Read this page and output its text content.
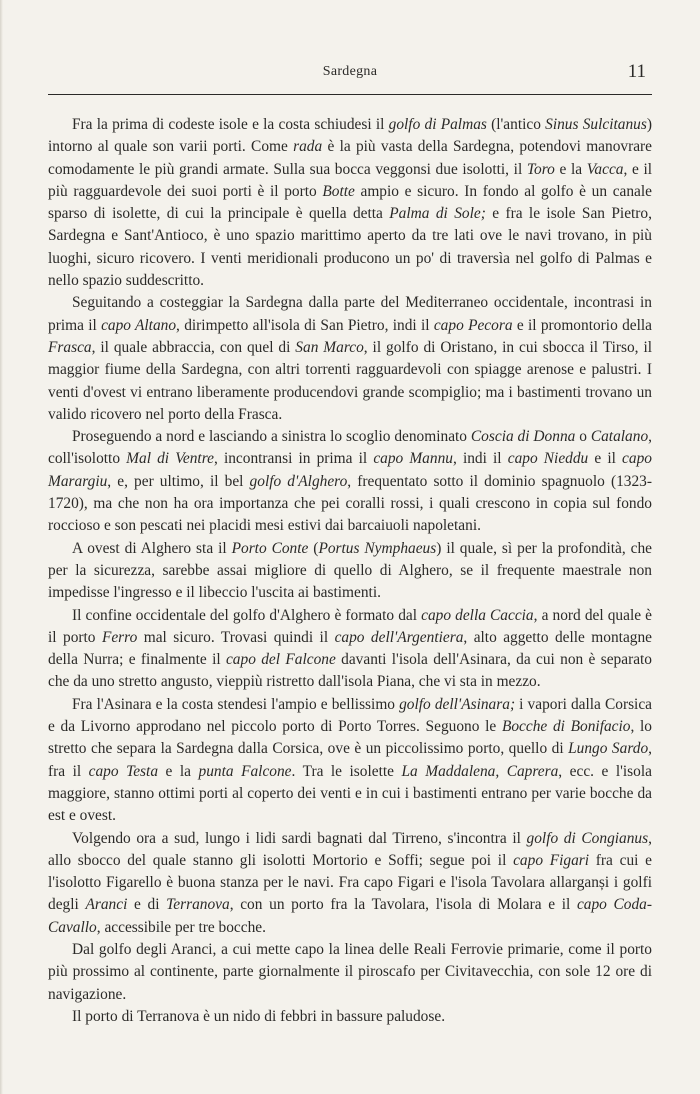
Sardegna	11

Fra la prima di codeste isole e la costa schiudesi il golfo di Palmas (l'antico Sinus Sulcitanus) intorno al quale son varii porti. Come rada è la più vasta della Sardegna, potendovi manovrare comodamente le più grandi armate. Sulla sua bocca veggonsi due isolotti, il Toro e la Vacca, e il più ragguardevole dei suoi porti è il porto Botte ampio e sicuro. In fondo al golfo è un canale sparso di isolette, di cui la principale è quella detta Palma di Sole; e fra le isole San Pietro, Sardegna e Sant'Antioco, è uno spazio marittimo aperto da tre lati ove le navi trovano, in più luoghi, sicuro ricovero. I venti meridionali producono un po' di traversìa nel golfo di Palmas e nello spazio suddescritto.

Seguitando a costeggiar la Sardegna dalla parte del Mediterraneo occidentale, incontrasi in prima il capo Altano, dirimpetto all'isola di San Pietro, indi il capo Pecora e il promontorio della Frasca, il quale abbraccia, con quel di San Marco, il golfo di Oristano, in cui sbocca il Tirso, il maggior fiume della Sardegna, con altri torrenti ragguardevoli con spiagge arenose e palustri. I venti d'ovest vi entrano liberamente producendovi grande scompiglio; ma i bastimenti trovano un valido ricovero nel porto della Frasca.

Proseguendo a nord e lasciando a sinistra lo scoglio denominato Coscia di Donna o Catalano, coll'isolotto Mal di Ventre, incontransi in prima il capo Mannu, indi il capo Nieddu e il capo Marargiu, e, per ultimo, il bel golfo d'Alghero, frequentato sotto il dominio spagnuolo (1323-1720), ma che non ha ora importanza che pei coralli rossi, i quali crescono in copia sul fondo roccioso e son pescati nei placidi mesi estivi dai barcaiuoli napoletani.

A ovest di Alghero sta il Porto Conte (Portus Nymphaeus) il quale, sì per la profondità, che per la sicurezza, sarebbe assai migliore di quello di Alghero, se il frequente maestrale non impedisse l'ingresso e il libeccio l'uscita ai bastimenti.

Il confine occidentale del golfo d'Alghero è formato dal capo della Caccia, a nord del quale è il porto Ferro mal sicuro. Trovasi quindi il capo dell'Argentiera, alto aggetto delle montagne della Nurra; e finalmente il capo del Falcone davanti l'isola dell'Asinara, da cui non è separato che da uno stretto angusto, vieppiù ristretto dall'isola Piana, che vi sta in mezzo.

Fra l'Asinara e la costa stendesi l'ampio e bellissimo golfo dell'Asinara; i vapori dalla Corsica e da Livorno approdano nel piccolo porto di Porto Torres. Seguono le Bocche di Bonifacio, lo stretto che separa la Sardegna dalla Corsica, ove è un piccolissimo porto, quello di Lungo Sardo, fra il capo Testa e la punta Falcone. Tra le isolette La Maddalena, Caprera, ecc. e l'isola maggiore, stanno ottimi porti al coperto dei venti e in cui i bastimenti entrano per varie bocche da est e ovest.

Volgendo ora a sud, lungo i lidi sardi bagnati dal Tirreno, s'incontra il golfo di Congianus, allo sbocco del quale stanno gli isolotti Mortorio e Soffi; segue poi il capo Figari fra cui e l'isolotto Figarello è buona stanza per le navi. Fra capo Figari e l'isola Tavolara allarganși i golfi degli Aranci e di Terranova, con un porto fra la Tavolara, l'isola di Molara e il capo Coda-Cavallo, accessibile per tre bocche.

Dal golfo degli Aranci, a cui mette capo la linea delle Reali Ferrovie primarie, come il porto più prossimo al continente, parte giornalmente il piroscafo per Civitavecchia, con sole 12 ore di navigazione.

Il porto di Terranova è un nido di febbri in bassure paludose.
